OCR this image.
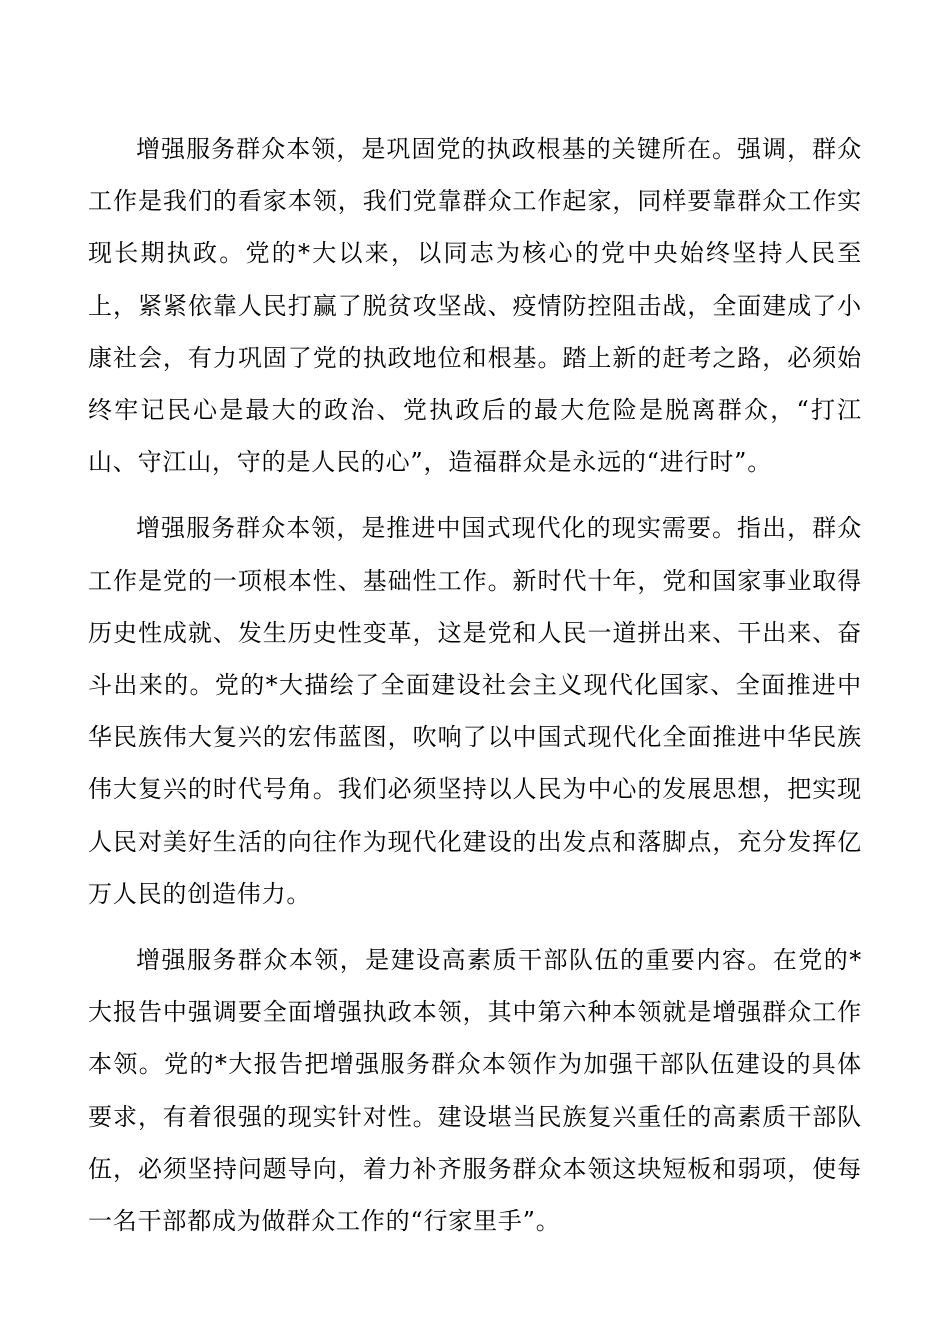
增强服务群众本领，是巩固党的执政根基的关键所在。强调，群众工作是我们的看家本领，我们党靠群众工作起家，同样要靠群众工作实现长期执政。党的*大以来，以同志为核心的党中央始终坚持人民至上，紧紧依靠人民打赢了脱贫攻坚战、疫情防控阻击战，全面建成了小康社会，有力巩固了党的执政地位和根基。踏上新的赶考之路，必须始终牢记民心是最大的政治、党执政后的最大危险是脱离群众，“打江山、守江山，守的是人民的心”，造福群众是永远的“进行时”。

增强服务群众本领，是推进中国式现代化的现实需要。指出，群众工作是党的一项根本性、基础性工作。新时代十年，党和国家事业取得历史性成就、发生历史性变革，这是党和人民一道拼出来、干出来、奋斗出来的。党的*大描绘了全面建设社会主义现代化国家、全面推进中华民族伟大复兴的宏伟蓝图，吹响了以中国式现代化全面推进中华民族伟大复兴的时代号角。我们必须坚持以人民为中心的发展思想，把实现人民对美好生活的向往作为现代化建设的出发点和落脚点，充分发挥亿万人民的创造伟力。

增强服务群众本领，是建设高素质干部队伍的重要内容。在党的*大报告中强调要全面增强执政本领，其中第六种本领就是增强群众工作本领。党的*大报告把增强服务群众本领作为加强干部队伍建设的具体要求，有着很强的现实针对性。建设堪当民族复兴重任的高素质干部队伍，必须坚持问题导向，着力补齐服务群众本领这块短板和弱项，使每一名干部都成为做群众工作的“行家里手”。
